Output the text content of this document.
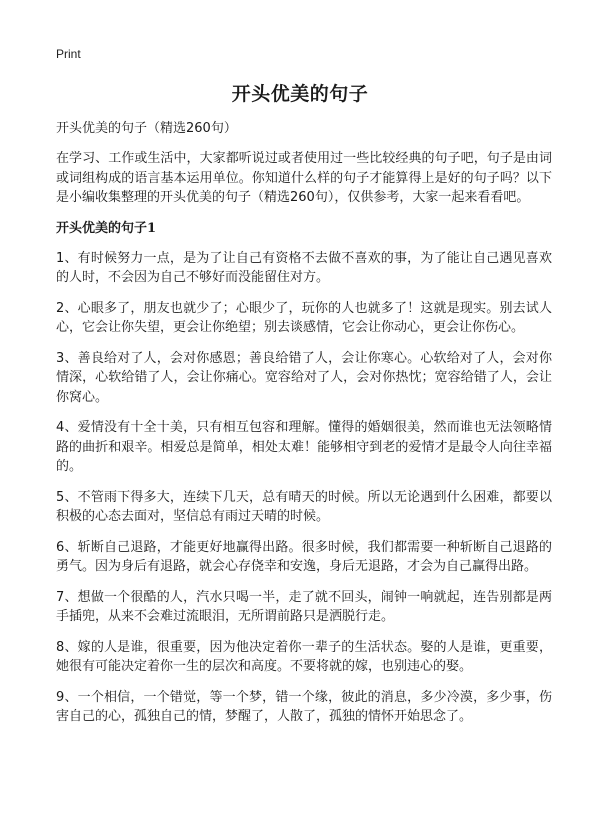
Print
开头优美的句子

开头优美的句子（精选260句）

在学习、工作或生活中，大家都听说过或者使用过一些比较经典的句子吧，句子是由词或词组构成的语言基本运用单位。你知道什么样的句子才能算得上是好的句子吗？以下是小编收集整理的开头优美的句子（精选260句），仅供参考，大家一起来看看吧。

开头优美的句子1

1、有时候努力一点，是为了让自己有资格不去做不喜欢的事，为了能让自己遇见喜欢的人时，不会因为自己不够好而没能留住对方。

2、心眼多了，朋友也就少了；心眼少了，玩你的人也就多了！这就是现实。别去试人心，它会让你失望，更会让你绝望；别去谈感情，它会让你动心，更会让你伤心。

3、善良给对了人，会对你感恩；善良给错了人，会让你寒心。心软给对了人，会对你情深，心软给错了人，会让你痛心。宽容给对了人，会对你热忱；宽容给错了人，会让你窝心。

4、爱情没有十全十美，只有相互包容和理解。懂得的婚姻很美，然而谁也无法领略情路的曲折和艰辛。相爱总是简单，相处太难！能够相守到老的爱情才是最令人向往幸福的。

5、不管雨下得多大，连续下几天，总有晴天的时候。所以无论遇到什么困难，都要以积极的心态去面对，坚信总有雨过天晴的时候。

6、斩断自己退路，才能更好地赢得出路。很多时候，我们都需要一种斩断自己退路的勇气。因为身后有退路，就会心存侥幸和安逸，身后无退路，才会为自己赢得出路。

7、想做一个很酷的人，汽水只喝一半，走了就不回头，闹钟一响就起，连告别都是两手插兜，从来不会难过流眼泪，无所谓前路只是洒脱行走。

8、嫁的人是谁，很重要，因为他决定着你一辈子的生活状态。娶的人是谁，更重要，她很有可能决定着你一生的层次和高度。不要将就的嫁，也别违心的娶。

9、一个相信，一个错觉，等一个梦，错一个缘，彼此的消息，多少冷漠，多少事，伤害自己的心，孤独自己的情，梦醒了，人散了，孤独的情怀开始思念了。
